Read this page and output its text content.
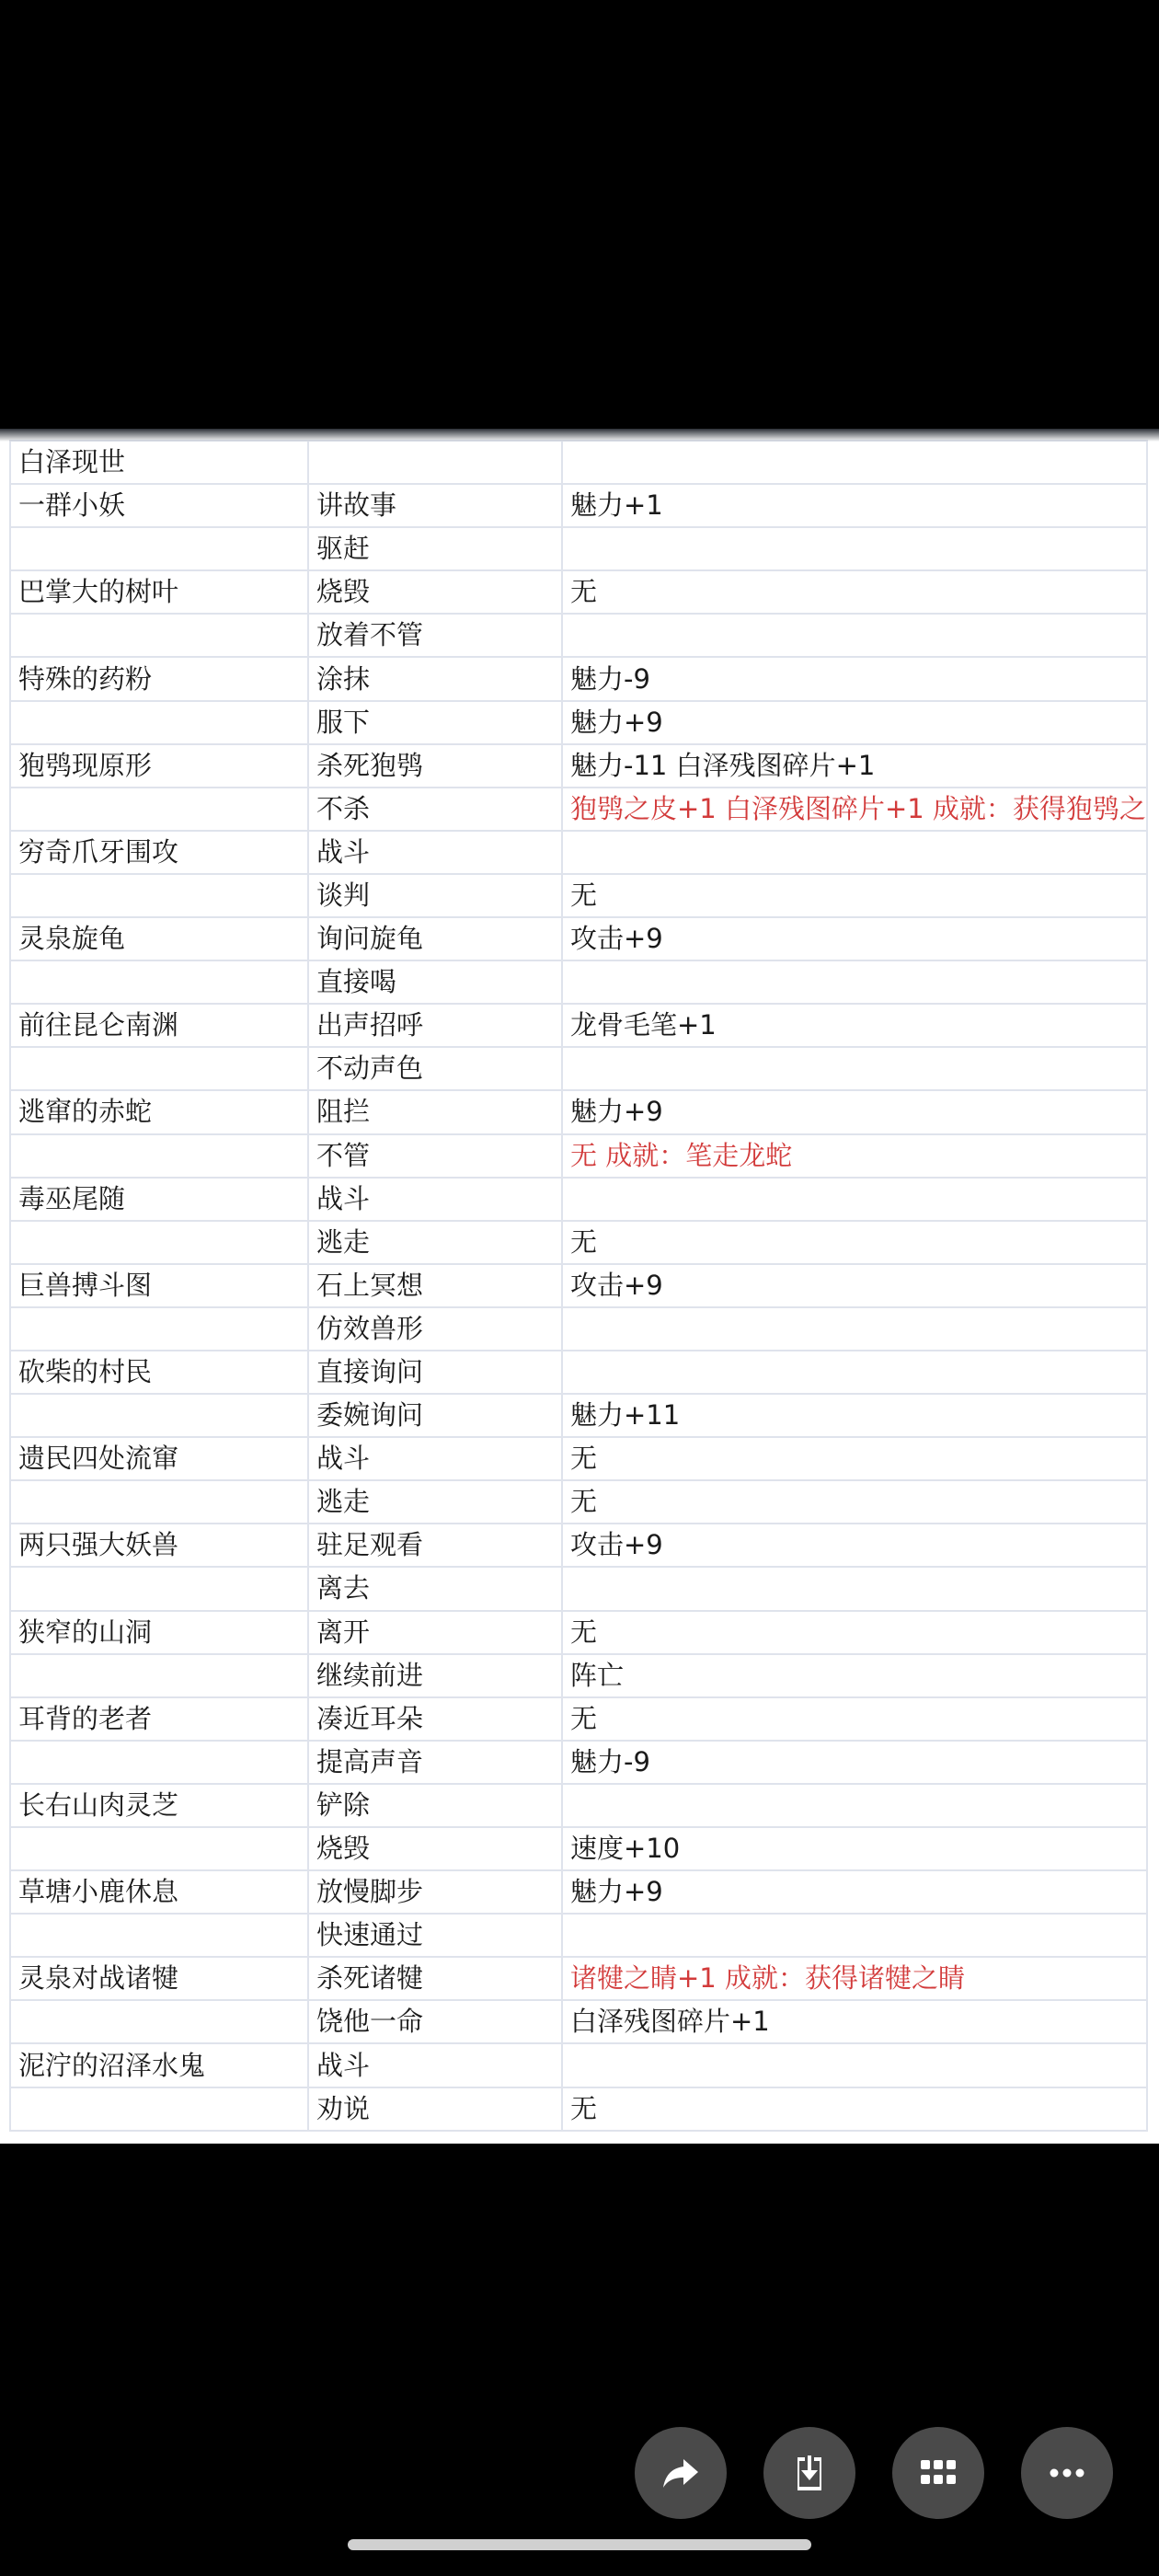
白泽现世		
一群小妖	讲故事	魅力+1
	驱赶	
巴掌大的树叶	烧毁	无
	放着不管	
特殊的药粉	涂抹	魅力-9
	服下	魅力+9
狍鸮现原形	杀死狍鸮	魅力-11 白泽残图碎片+1
	不杀	狍鸮之皮+1 白泽残图碎片+1 成就：获得狍鸮之
穷奇爪牙围攻	战斗	
	谈判	无
灵泉旋龟	询问旋龟	攻击+9
	直接喝	
前往昆仑南渊	出声招呼	龙骨毛笔+1
	不动声色	
逃窜的赤蛇	阻拦	魅力+9
	不管	无 成就：笔走龙蛇
毒巫尾随	战斗	
	逃走	无
巨兽搏斗图	石上冥想	攻击+9
	仿效兽形	
砍柴的村民	直接询问	
	委婉询问	魅力+11
遗民四处流窜	战斗	无
	逃走	无
两只强大妖兽	驻足观看	攻击+9
	离去	
狭窄的山洞	离开	无
	继续前进	阵亡
耳背的老者	凑近耳朵	无
	提高声音	魅力-9
长右山肉灵芝	铲除	
	烧毁	速度+10
草塘小鹿休息	放慢脚步	魅力+9
	快速通过	
灵泉对战诸犍	杀死诸犍	诸犍之睛+1 成就：获得诸犍之睛
	饶他一命	白泽残图碎片+1
泥泞的沼泽水鬼	战斗	
	劝说	无
